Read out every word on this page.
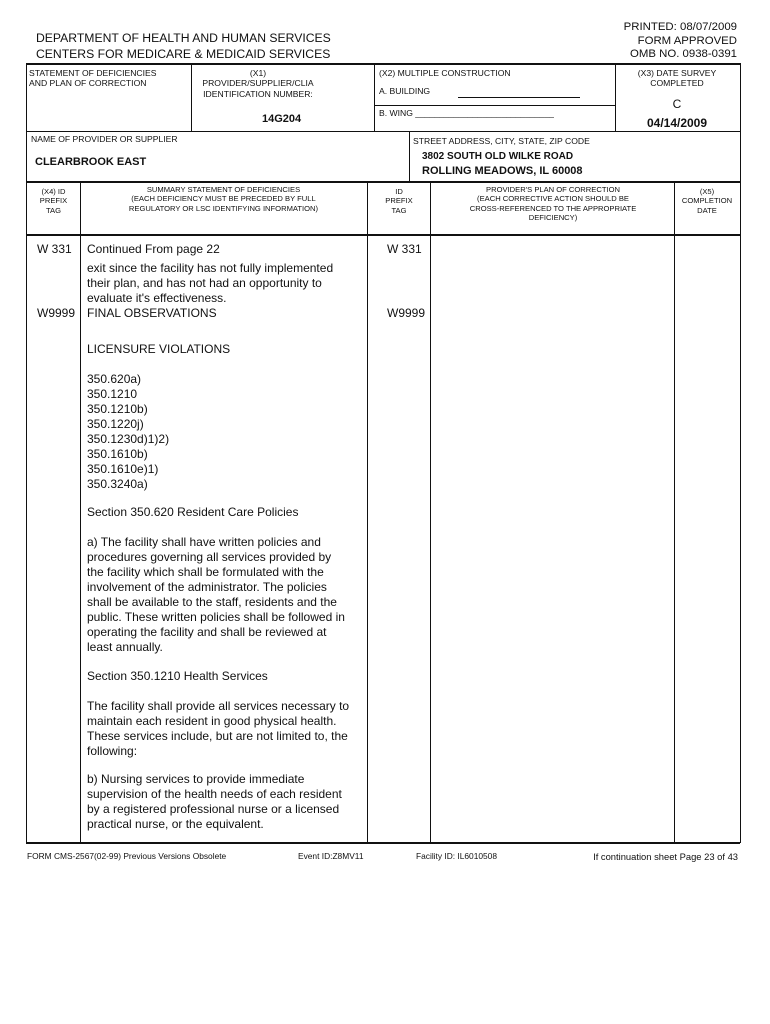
DEPARTMENT OF HEALTH AND HUMAN SERVICES
CENTERS FOR MEDICARE & MEDICAID SERVICES
PRINTED: 08/07/2009
FORM APPROVED
OMB NO. 0938-0391
STATEMENT OF DEFICIENCIES
AND PLAN OF CORRECTION
(X1) PROVIDER/SUPPLIER/CLIA
IDENTIFICATION NUMBER:
14G204
(X2) MULTIPLE CONSTRUCTION
A. BUILDING
B. WING _____________________________
(X3) DATE SURVEY
COMPLETED
C
04/14/2009
NAME OF PROVIDER OR SUPPLIER
CLEARBROOK EAST
STREET ADDRESS, CITY, STATE, ZIP CODE
3802 SOUTH OLD WILKE ROAD
ROLLING MEADOWS, IL 60008
(X4) ID
PREFIX
TAG
SUMMARY STATEMENT OF DEFICIENCIES
(EACH DEFICIENCY MUST BE PRECEDED BY FULL
REGULATORY OR LSC IDENTIFYING INFORMATION)
ID
PREFIX
TAG
PROVIDER'S PLAN OF CORRECTION
(EACH CORRECTIVE ACTION SHOULD BE
CROSS-REFERENCED TO THE APPROPRIATE
DEFICIENCY)
(X5)
COMPLETION
DATE
W 331	W 331
Continued From page 22
exit since the facility has not fully implemented
their plan, and has not had an opportunity to
evaluate it's effectiveness.
W9999	W9999
FINAL OBSERVATIONS
LICENSURE VIOLATIONS
350.620a)
350.1210
350.1210b)
350.1220j)
350.1230d)1)2)
350.1610b)
350.1610e)1)
350.3240a)
Section 350.620 Resident Care Policies
a) The facility shall have written policies and
procedures governing all services provided by
the facility which shall be formulated with the
involvement of the administrator. The policies
shall be available to the staff, residents and the
public. These written policies shall be followed in
operating the facility and shall be reviewed at
least annually.
Section 350.1210 Health Services
The facility shall provide all services necessary to
maintain each resident in good physical health.
These services include, but are not limited to, the
following:
b) Nursing services to provide immediate
supervision of the health needs of each resident
by a registered professional nurse or a licensed
practical nurse, or the equivalent.
FORM CMS-2567(02-99) Previous Versions Obsolete	Event ID:Z8MV11	Facility ID: IL6010508	If continuation sheet Page 23 of 43
